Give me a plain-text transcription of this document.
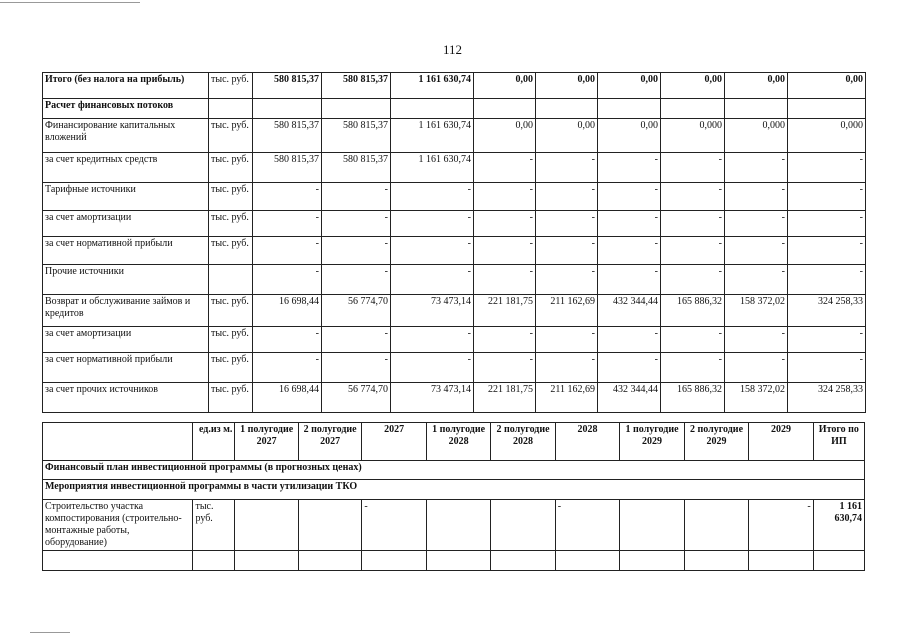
112
Итого (без налога на прибыль)	тыс. руб.	580 815,37	580 815,37	1 161 630,74	0,00	0,00	0,00	0,00	0,00	0,00
Расчет финансовых потоков										
Финансирование капитальных вложений	тыс. руб.	580 815,37	580 815,37	1 161 630,74	0,00	0,00	0,00	0,000	0,000	0,000
за счет кредитных средств	тыс. руб.	580 815,37	580 815,37	1 161 630,74	-	-	-	-	-	-
Тарифные источники	тыс. руб.	-	-	-	-	-	-	-	-	-
за счет амортизации	тыс. руб.	-	-	-	-	-	-	-	-	-
за счет нормативной прибыли	тыс. руб.	-	-	-	-	-	-	-	-	-
Прочие источники		-	-	-	-	-	-	-	-	-
Возврат и обслуживание займов и кредитов	тыс. руб.	16 698,44	56 774,70	73 473,14	221 181,75	211 162,69	432 344,44	165 886,32	158 372,02	324 258,33
за счет амортизации	тыс. руб.	-	-	-	-	-	-	-	-	-
за счет нормативной прибыли	тыс. руб.	-	-	-	-	-	-	-	-	-
за счет прочих источников	тыс. руб.	16 698,44	56 774,70	73 473,14	221 181,75	211 162,69	432 344,44	165 886,32	158 372,02	324 258,33
	ед.из м.	1 полугодие 2027	2 полугодие 2027	2027	1 полугодие 2028	2 полугодие 2028	2028	1 полугодие 2029	2 полугодие 2029	2029	Итого по ИП
Финансовый план инвестиционной программы (в прогнозных ценах)											
Мероприятия инвестиционной программы в части утилизации ТКО											
Строительство участка компостирования (строительно-монтажные работы, оборудование)	тыс. руб.			-			-			-	1 161 630,74
